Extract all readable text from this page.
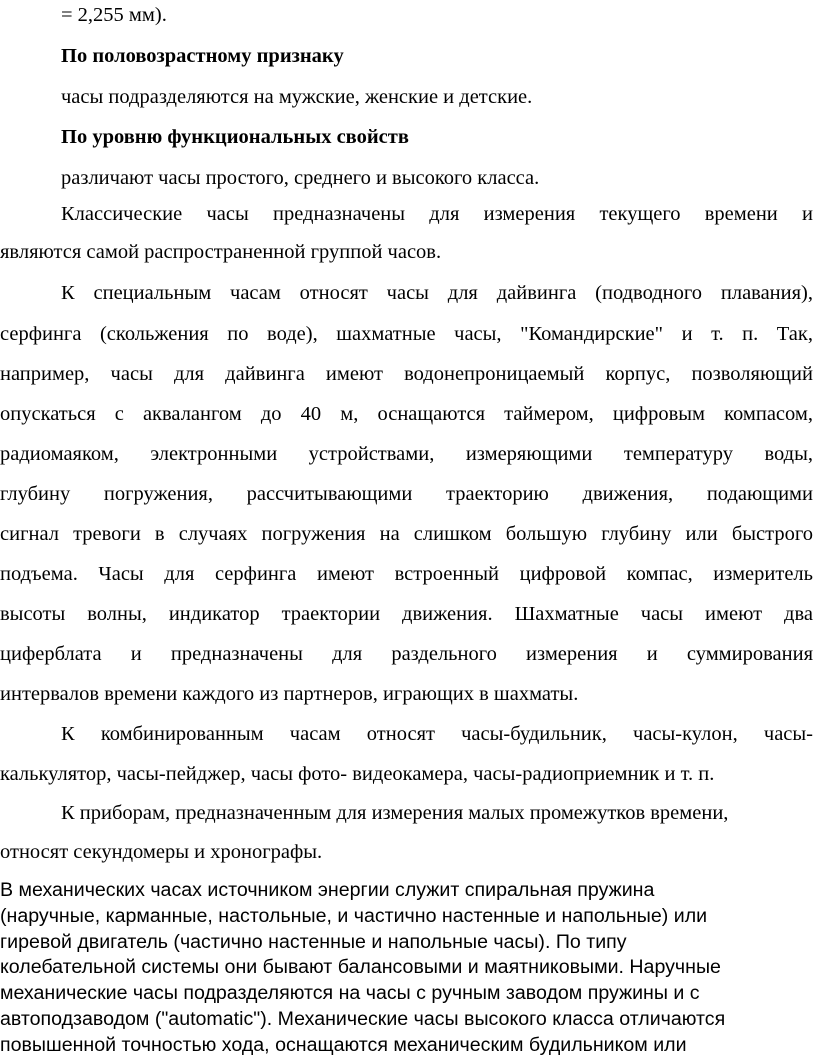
= 2,255 мм).
По половозрастному признаку
часы подразделяются на мужские, женские и детские.
По уровню функциональных свойств
различают часы простого, среднего и высокого класса.
Классические часы предназначены для измерения текущего времени и
являются самой распространенной группой часов.
К специальным часам относят часы для дайвинга (подводного плавания),
серфинга (скольжения по воде), шахматные часы, "Командирские" и т. п. Так,
например, часы для дайвинга имеют водонепроницаемый корпус, позволяющий
опускаться с аквалангом до 40 м, оснащаются таймером, цифровым компасом,
радиомаяком, электронными устройствами, измеряющими температуру воды,
глубину погружения, рассчитывающими траекторию движения, подающими
сигнал тревоги в случаях погружения на слишком большую глубину или быстрого
подъема. Часы для серфинга имеют встроенный цифровой компас, измеритель
высоты волны, индикатор траектории движения. Шахматные часы имеют два
циферблата и предназначены для раздельного измерения и суммирования
интервалов времени каждого из партнеров, играющих в шахматы.
К комбинированным часам относят часы-будильник, часы-кулон, часы-
калькулятор, часы-пейджер, часы фото- видеокамера, часы-радиоприемник и т. п.
К приборам, предназначенным для измерения малых промежутков времени,
относят секундомеры и хронографы.
В механических часах источником энергии служит спиральная пружина
(наручные, карманные, настольные, и частично настенные и напольные) или
гиревой двигатель (частично настенные и напольные часы). По типу
колебательной системы они бывают балансовыми и маятниковыми. Наручные
механические часы подразделяются на часы с ручным заводом пружины и с
автоподзаводом ("automatic"). Механические часы высокого класса отличаются
повышенной точностью хода, оснащаются механическим будильником или
